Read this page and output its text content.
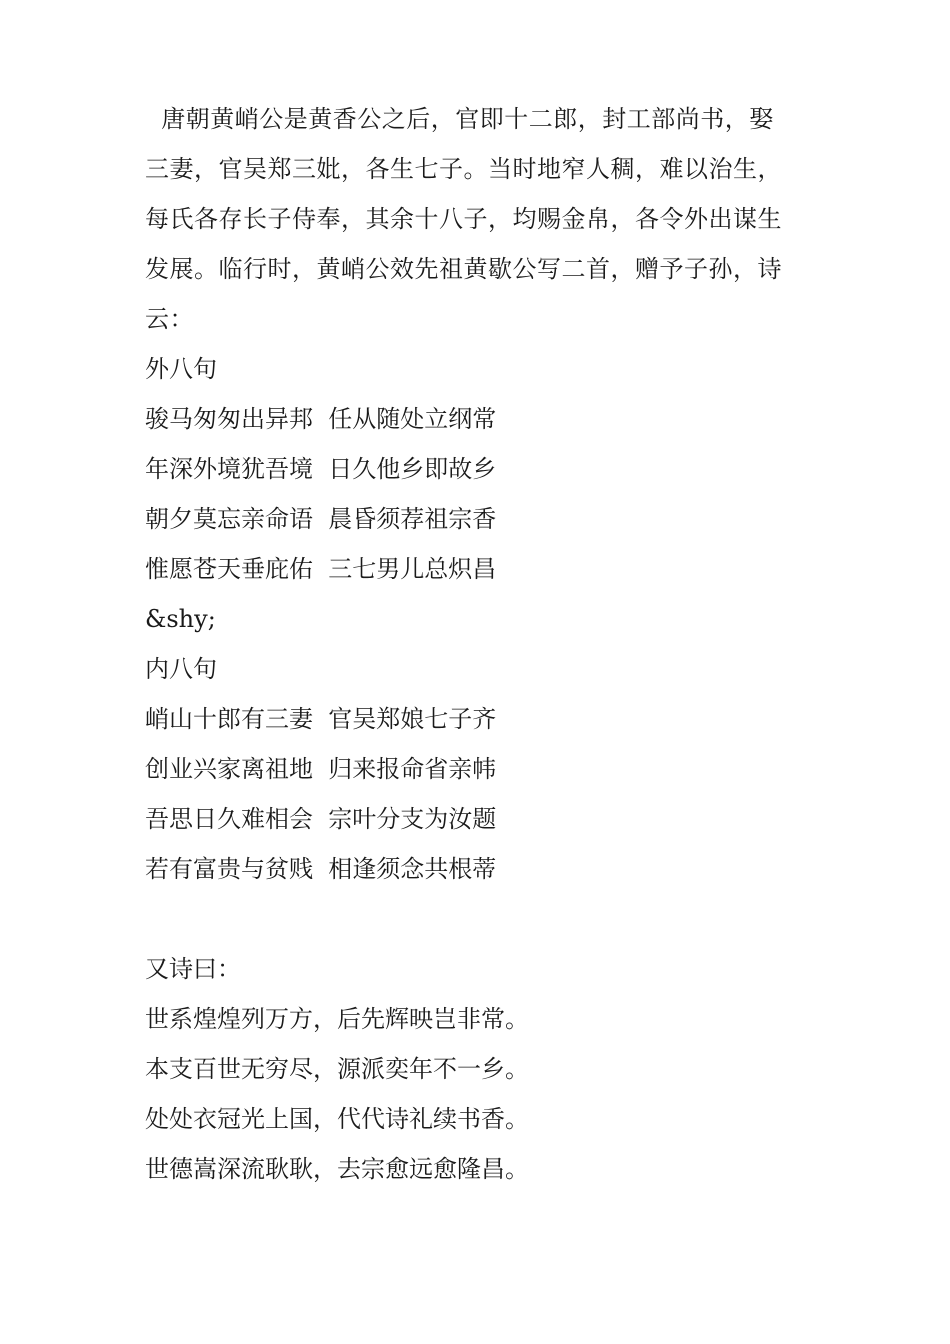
唐朝黄峭公是黄香公之后，官即十二郎，封工部尚书，娶
三妻，官吴郑三妣，各生七子。当时地窄人稠，难以治生，
每氏各存长子侍奉，其余十八子，均赐金帛，各令外出谋生
发展。临行时，黄峭公效先祖黄歇公写二首，赠予子孙，诗
云：
外八句
骏马匆匆出异邦  任从随处立纲常
年深外境犹吾境  日久他乡即故乡
朝夕莫忘亲命语  晨昏须荐祖宗香
惟愿苍天垂庇佑  三七男儿总炽昌
&shy;
内八句
峭山十郎有三妻  官吴郑娘七子齐
创业兴家离祖地  归来报命省亲帏
吾思日久难相会  宗叶分支为汝题
若有富贵与贫贱  相逢须念共根蒂
又诗曰：
世系煌煌列万方，后先辉映岂非常。
本支百世无穷尽，源派奕年不一乡。
处处衣冠光上国，代代诗礼续书香。
世德嵩深流耿耿，去宗愈远愈隆昌。
